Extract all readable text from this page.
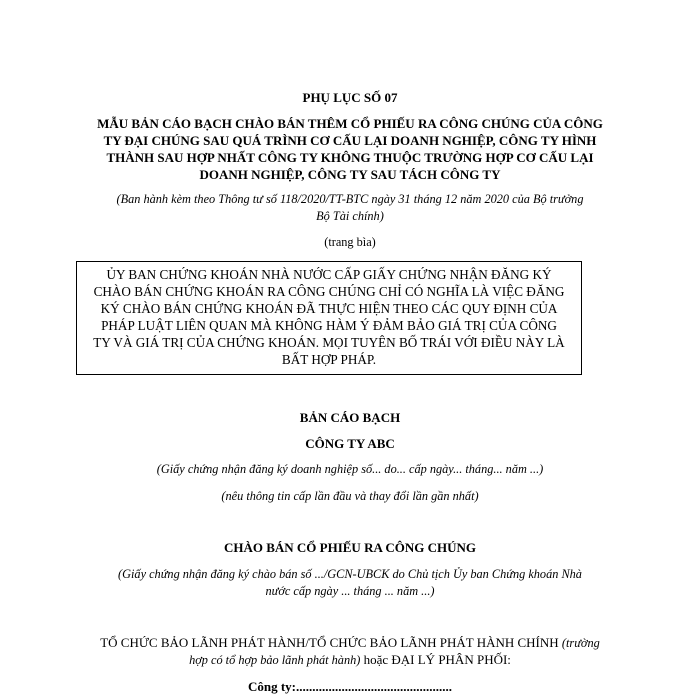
PHỤ LỤC SỐ 07
MẪU BẢN CÁO BẠCH CHÀO BÁN THÊM CỔ PHIẾU RA CÔNG CHÚNG CỦA CÔNG
TY ĐẠI CHÚNG SAU QUÁ TRÌNH CƠ CẤU LẠI DOANH NGHIỆP, CÔNG TY HÌNH
THÀNH SAU HỢP NHẤT CÔNG TY KHÔNG THUỘC TRƯỜNG HỢP CƠ CẤU LẠI
DOANH NGHIỆP, CÔNG TY SAU TÁCH CÔNG TY
(Ban hành kèm theo Thông tư số 118/2020/TT-BTC ngày 31 tháng 12 năm 2020 của Bộ trưởng
Bộ Tài chính)
(trang bìa)
ỦY BAN CHỨNG KHOÁN NHÀ NƯỚC CẤP GIẤY CHỨNG NHẬN ĐĂNG KÝ
CHÀO BÁN CHỨNG KHOÁN RA CÔNG CHÚNG CHỈ CÓ NGHĨA LÀ VIỆC ĐĂNG
KÝ CHÀO BÁN CHỨNG KHOÁN ĐÃ THỰC HIỆN THEO CÁC QUY ĐỊNH CỦA
PHÁP LUẬT LIÊN QUAN MÀ KHÔNG HÀM Ý ĐẢM BẢO GIÁ TRỊ CỦA CÔNG
TY VÀ GIÁ TRỊ CỦA CHỨNG KHOÁN. MỌI TUYÊN BỐ TRÁI VỚI ĐIỀU NÀY LÀ
BẤT HỢP PHÁP.
BẢN CÁO BẠCH
CÔNG TY ABC
(Giấy chứng nhận đăng ký doanh nghiệp số... do... cấp ngày... tháng... năm ...)
(nêu thông tin cấp lần đầu và thay đổi lần gần nhất)
CHÀO BÁN CỔ PHIẾU RA CÔNG CHÚNG
(Giấy chứng nhận đăng ký chào bán số .../GCN-UBCK do Chủ tịch Ủy ban Chứng khoán Nhà
nước cấp ngày ... tháng ... năm ...)
TỔ CHỨC BẢO LÃNH PHÁT HÀNH/TỔ CHỨC BẢO LÃNH PHÁT HÀNH CHÍNH (trường
hợp có tổ hợp bảo lãnh phát hành) hoặc ĐẠI LÝ PHÂN PHỐI:
Công ty:................................................
